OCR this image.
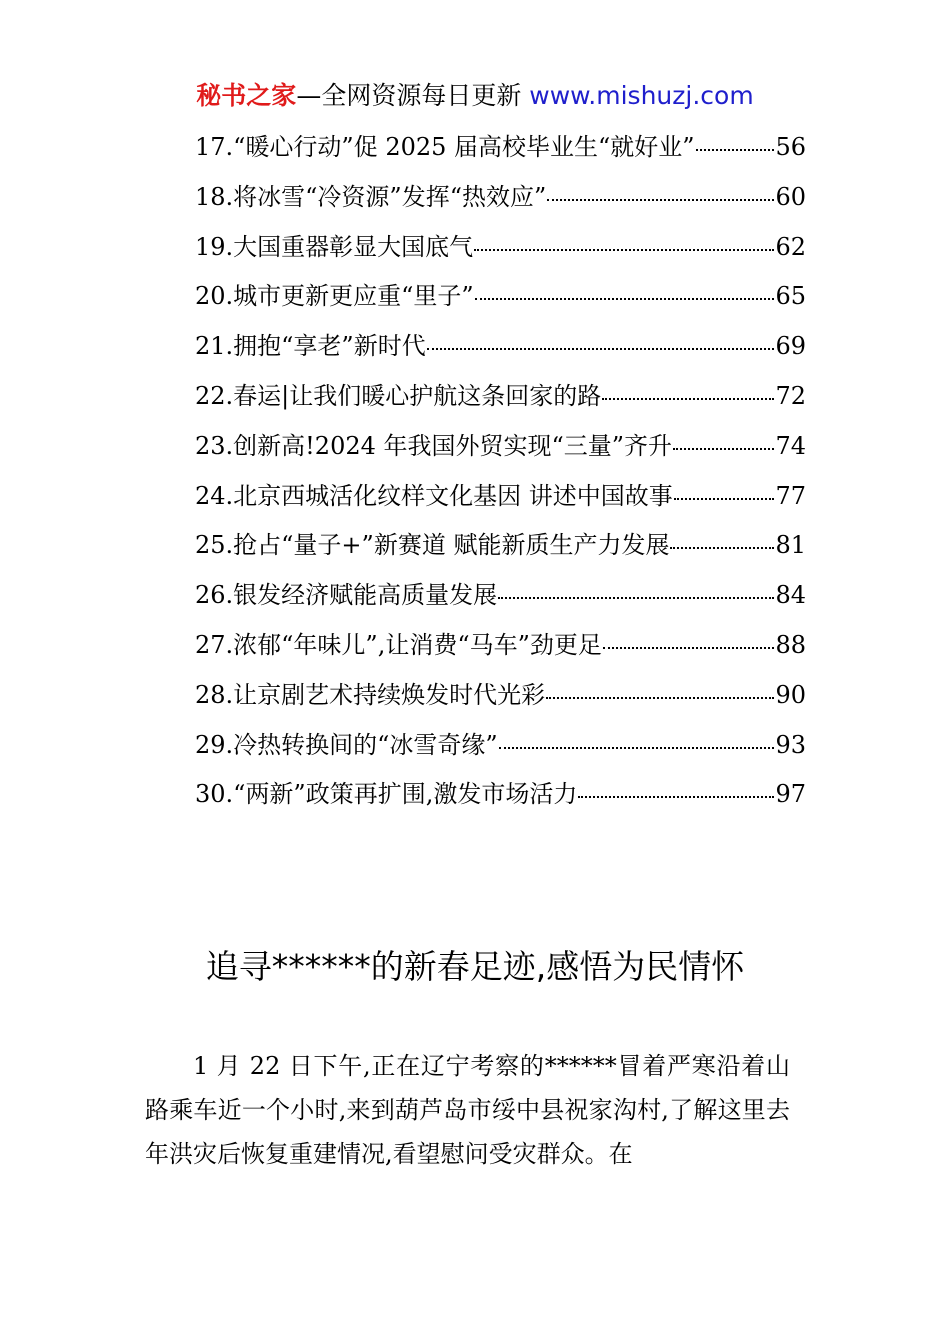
秘书之家—全网资源每日更新 www.mishuzj.com
17.“暖心行动”促 2025 届高校毕业生“就好业”	56
18.将冰雪“冷资源”发挥“热效应”	60
19.大国重器彰显大国底气	62
20.城市更新更应重“里子”	65
21.拥抱“享老”新时代	69
22.春运|让我们暖心护航这条回家的路	72
23.创新高!2024 年我国外贸实现“三量”齐升	74
24.北京西城活化纹样文化基因 讲述中国故事	77
25.抢占“量子+”新赛道 赋能新质生产力发展	81
26.银发经济赋能高质量发展	84
27.浓郁“年味儿”,让消费“马车”劲更足	88
28.让京剧艺术持续焕发时代光彩	90
29.冷热转换间的“冰雪奇缘”	93
30.“两新”政策再扩围,激发市场活力	97
追寻******的新春足迹,感悟为民情怀

1 月 22 日下午,正在辽宁考察的******冒着严寒沿着山路乘车近一个小时,来到葫芦岛市绥中县祝家沟村,了解这里去年洪灾后恢复重建情况,看望慰问受灾群众。在
